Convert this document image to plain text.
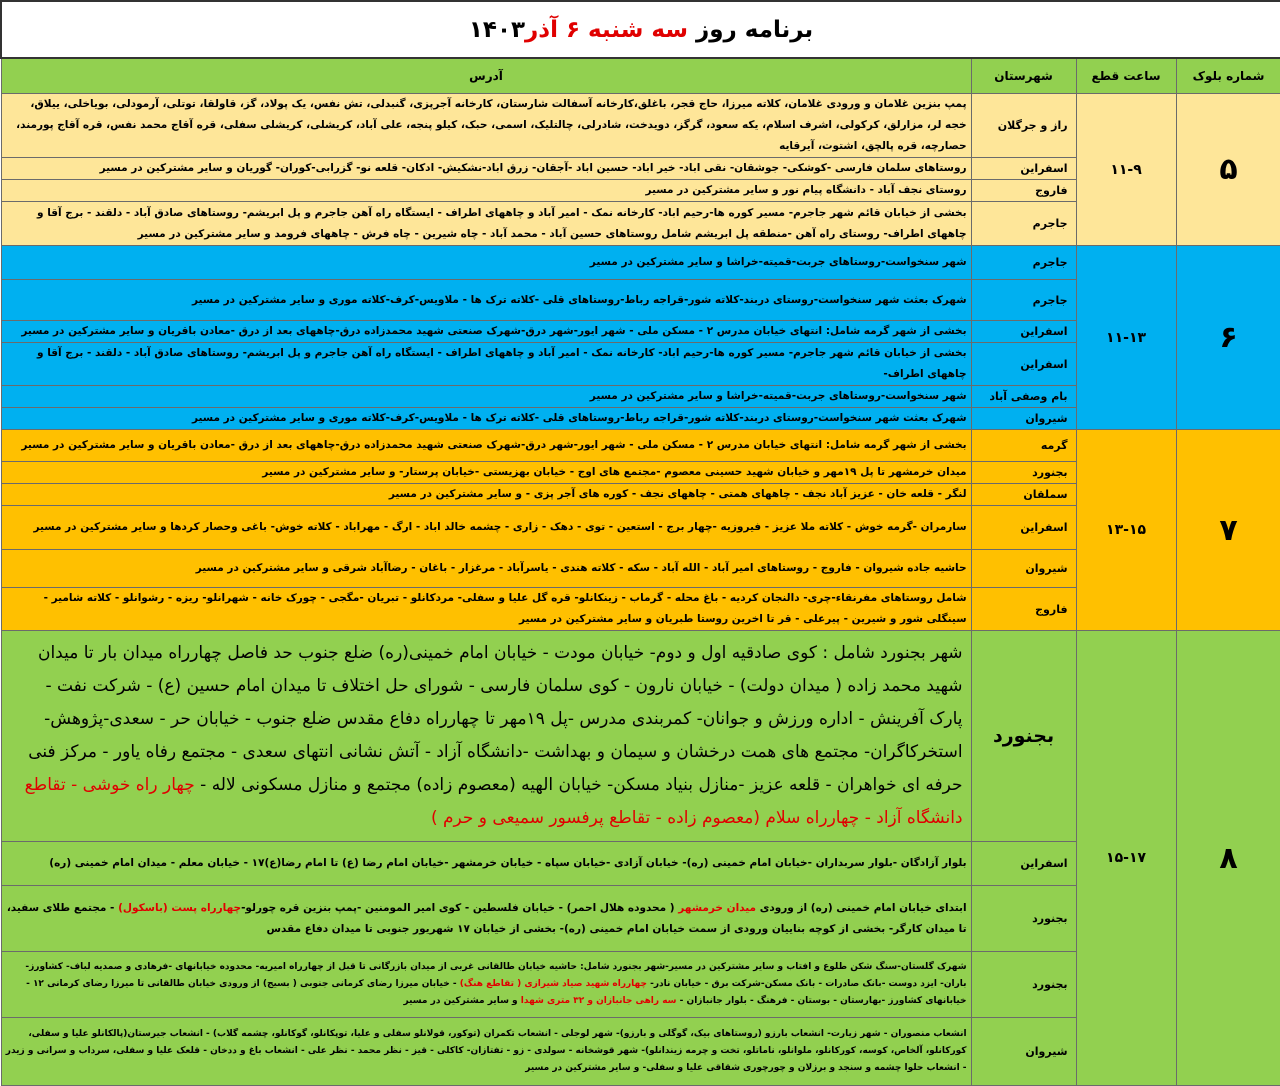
برنامه روز سه شنبه ۶ آذر۱۴۰۳			
شماره بلوک	ساعت قطع	شهرستان	آدرس
۵	۱۱-۹	راز و جرگلان	پمپ بنزین غلامان و ورودی غلامان، کلاته میرزا، حاج قجر، باغلق،کارخانه آسفالت شارستان، کارخانه آجرپزی، گنبدلی، تش نفس، یک پولاد، گز، قاولقا، توتلی، آرمودلی، بویاخلی، ییلاق، خجه لر، مزارلق، کرکولی، اشرف اسلام، یکه سعود، گرگز، دویدخت، شادرلی، چالتلیک، اسمی، حبک، کیلو پنجه، علی آباد، کریشلی، کریشلی سفلی، قره آقاج محمد نفس، قره آقاج پورمند، حصارچه، قره پالچق، اشتوت، آیرقایه
		اسفراین	روستاهای سلمان فارسی -کوشکی- جوشقان- نقی اباد- خیر اباد- حسین اباد -آجقان- زرق اباد-نشکیش- ادکان- قلعه نو- گزرابی-کوران- گوریان و سایر مشترکین در مسیر
		فاروج	روستای نجف آباد - دانشگاه پیام نور و سایر مشترکین در مسیر
		جاجرم	بخشی از خیابان قائم شهر جاجرم- مسیر کوره ها-رحیم اباد- کارخانه نمک - امیر آباد و چاههای اطراف - ایستگاه راه آهن جاجرم و پل ابریشم- روستاهای صادق آباد - دلقند - برج آقا و چاههای اطراف- روستای راه آهن -منطقه پل ابریشم شامل روستاهای حسین آباد - محمد آباد - چاه شیرین - چاه فرش - چاههای فرومد و سایر مشترکین در مسیر
۶	۱۱-۱۳	جاجرم	شهر سنخواست-روستاهای جربت-قمیته-خراشا و سایر مشترکین در مسیر
		جاجرم	شهرک بعثت شهر سنخواست-روستای دربند-کلاته شور-قراجه رباط-روستاهای قلی -کلاته ترک ها - ملاویس-کرف-کلاته موری و سایر مشترکین در مسیر
		اسفراین	بخشی از شهر گرمه شامل: انتهای خیابان مدرس ۲ - مسکن ملی - شهر ایور-شهر درق-شهرک صنعتی شهید محمدزاده درق-چاههای بعد از درق -معادن باقریان و سایر مشترکین در مسیر
		اسفراین	بخشی از خیابان قائم شهر جاجرم- مسیر کوره ها-رحیم اباد- کارخانه نمک - امیر آباد و چاههای اطراف - ایستگاه راه آهن جاجرم و پل ابریشم- روستاهای صادق آباد - دلقند - برج آقا و چاههای اطراف-
		بام وصفی آباد	شهر سنخواست-روستاهای جربت-قمیته-خراشا و سایر مشترکین در مسیر
		شیروان	شهرک بعثت شهر سنخواست-روستای دربند-کلاته شور-قراجه رباط-روستاهای قلی -کلاته ترک ها - ملاویس-کرف-کلاته موری و سایر مشترکین در مسیر
۷	۱۳-۱۵	گرمه	بخشی از شهر گرمه شامل: انتهای خیابان مدرس ۲ - مسکن ملی - شهر ایور-شهر درق-شهرک صنعتی شهید محمدزاده درق-چاههای بعد از درق -معادن باقریان و سایر مشترکین در مسیر
		بجنورد	میدان خرمشهر تا پل ۱۹مهر و خیابان شهید حسینی معصوم -مجتمع های اوج - خیابان بهزیستی -خیابان پرستار- و سایر مشترکین در مسیر
		سملقان	لنگر - قلعه خان - عزیز آباد نجف - چاههای همتی - چاههای نجف - کوره های آجر پزی - و سایر مشترکین در مسیر
		اسفراین	سارمران -گرمه خوش - کلاته ملا عزیز - فیروزیه -چهار برج - استعین - توی - دهک - زاری - چشمه خالد اباد - ارگ - مهراباد - کلاته خوش- باغی وحصار کردها و سایر مشترکین در مسیر
		شیروان	حاشیه جاده شیروان - فاروج - روستاهای امیر آباد - الله آباد - سکه - کلاته هندی - یاسرآباد - مرغزار - باغان - رضاآباد شرقی و سایر مشترکین در مسیر
		فاروج	شامل روستاهای مفرنقاء-چری- دالنجان کردیه - باغ محله - گرماب - زینکانلو- قره گل علیا و سفلی- مردکانلو - تبریان -مگجی - چورک خانه - شهرانلو- ریزه - رشوانلو - کلاته شامیر - سینگلی شور و شیرین - پیرعلی - قر تا اخرین روستا طبریان و سایر مشترکین در مسیر
۸	۱۵-۱۷	بجنورد	شهر بجنورد شامل : کوی صادقیه اول و دوم- خیابان مودت - خیابان امام خمینی(ره) ضلع جنوب حد فاصل چهارراه میدان بار تا میدان شهید محمد زاده ( میدان دولت) - خیابان نارون - کوی سلمان فارسی - شورای حل اختلاف تا میدان امام حسین (ع) - شرکت نفت - پارک آفرینش - اداره ورزش و جوانان- کمربندی مدرس -پل ۱۹مهر تا چهارراه دفاع مقدس ضلع جنوب - خیابان حر - سعدی-پژوهش- استخرکاگران- مجتمع های همت درخشان و سیمان و بهداشت -دانشگاه آزاد - آتش نشانی انتهای سعدی - مجتمع رفاه یاور - مرکز فنی حرفه ای خواهران - قلعه عزیز -منازل بنیاد مسکن- خیابان الهیه (معصوم زاده) مجتمع و منازل مسکونی لاله - چهار راه خوشی - تقاطع دانشگاه آزاد - چهارراه سلام (معصوم زاده - تقاطع پرفسور سمیعی و حرم )
		اسفراین	بلوار آزادگان -بلوار سربداران -خیابان امام خمینی (ره)- خیابان آزادی -خیابان سپاه - خیابان خرمشهر -خیابان امام رضا (ع) تا امام رضا(ع)۱۷ - خیابان معلم - میدان امام خمینی (ره)
		بجنورد	ابتدای خیابان امام خمینی (ره) از ورودی میدان خرمشهر ( محدوده هلال احمر) - خیابان فلسطین - کوی امیر المومنین -پمپ بنزین قره چورلو-چهارراه پست (باسکول) - مجتمع طلای سفید، تا میدان کارگر- بخشی از کوچه بناییان ورودی از سمت خیابان امام خمینی (ره)- بخشی از خیابان ۱۷ شهریور جنوبی تا میدان دفاع مقدس
		بجنورد	شهرک گلستان-سنگ شکن طلوع و افتاب و سایر مشترکین در مسیر-شهر بجنورد شامل: حاشیه خیابان طالقانی غربی از میدان بازرگانی تا قبل از چهارراه امیریه- محدوده خیابانهای -فرهادی و صمدیه لباف- کشاورز-باران- ایزد دوست -بانک صادرات - بانک مسکن-شرکت برق - خیابان نادر- چهارراه شهید صیاد شیرازی ( تقاطع هنگ) - خیابان میرزا رضای کرمانی جنوبی ( بسیج) از ورودی خیابان طالقانی تا میرزا رضای کرمانی ۱۲ - خیابانهای کشاورز -بهارستان - بوستان - فرهنگ - بلوار جانبازان - سه راهی جانبازان و ۳۲ متری شهدا و سایر مشترکین در مسیر
		شیروان	انشعاب منصوران - شهر زیارت- انشعاب بارزو (روستاهای بیک، گوگلی و بارزو)- شهر لوجلی - انشعاب تکمران (توکور، قولانلو سفلی و علیا، توپکانلو، گوکانلو، چشمه گلاب) - انشعاب جیرستان(پالکانلو علیا و سفلی، کورکانلو، آلخاص، کوسه، کورکانلو، ملوانلو، ناماتلو، تخت و چرمه زیندانلو)- شهر قوشخانه - سولدی - زو - تفتازان- کاکلی - قیز - نظر محمد - نظر علی - انشعاب باغ و ددخان - قلعک علیا و سفلی، سرداب و سرانی و زیدر - انشعاب حلوا چشمه و سنجد و برزلان و چورچوری شقاقی علیا و سفلی- و سایر مشترکین در مسیر
